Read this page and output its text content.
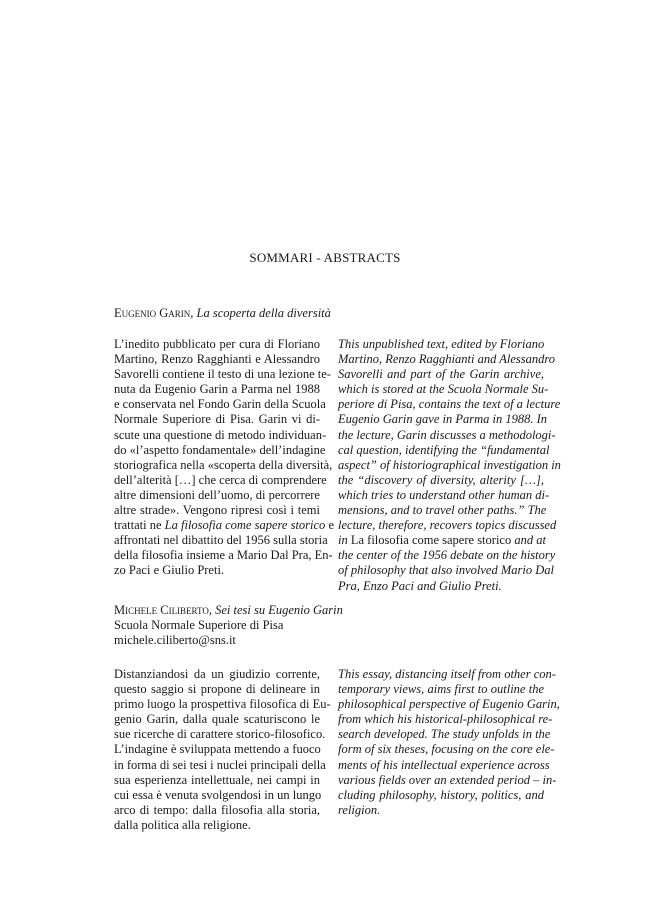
SOMMARI - ABSTRACTS
Eugenio Garin, La scoperta della diversità
L’inedito pubblicato per cura di Floriano
Martino, Renzo Ragghianti e Alessandro
Savorelli contiene il testo di una lezione te-
nuta da Eugenio Garin a Parma nel 1988
e conservata nel Fondo Garin della Scuola
Normale Superiore di Pisa. Garin vi di-
scute una questione di metodo individuan-
do «l’aspetto fondamentale» dell’indagine
storiografica nella «scoperta della diversità,
dell’alterità […] che cerca di comprendere
altre dimensioni dell’uomo, di percorrere
altre strade». Vengono ripresi così i temi
trattati ne La filosofia come sapere storico e
affrontati nel dibattito del 1956 sulla storia
della filosofia insieme a Mario Dal Pra, En-
zo Paci e Giulio Preti.
This unpublished text, edited by Floriano
Martino, Renzo Ragghianti and Alessandro
Savorelli and part of the Garin archive,
which is stored at the Scuola Normale Su-
periore di Pisa, contains the text of a lecture
Eugenio Garin gave in Parma in 1988. In
the lecture, Garin discusses a methodologi-
cal question, identifying the “fundamental
aspect” of historiographical investigation in
the “discovery of diversity, alterity […],
which tries to understand other human di-
mensions, and to travel other paths.” The
lecture, therefore, recovers topics discussed
in La filosofia come sapere storico and at
the center of the 1956 debate on the history
of philosophy that also involved Mario Dal
Pra, Enzo Paci and Giulio Preti.
Michele Ciliberto, Sei tesi su Eugenio Garin
Scuola Normale Superiore di Pisa
michele.ciliberto@sns.it
Distanziandosi da un giudizio corrente,
questo saggio si propone di delineare in
primo luogo la prospettiva filosofica di Eu-
genio Garin, dalla quale scaturiscono le
sue ricerche di carattere storico-filosofico.
L’indagine è sviluppata mettendo a fuoco
in forma di sei tesi i nuclei principali della
sua esperienza intellettuale, nei campi in
cui essa è venuta svolgendosi in un lungo
arco di tempo: dalla filosofia alla storia,
dalla politica alla religione.
This essay, distancing itself from other con-
temporary views, aims first to outline the
philosophical perspective of Eugenio Garin,
from which his historical-philosophical re-
search developed. The study unfolds in the
form of six theses, focusing on the core ele-
ments of his intellectual experience across
various fields over an extended period – in-
cluding philosophy, history, politics, and
religion.
